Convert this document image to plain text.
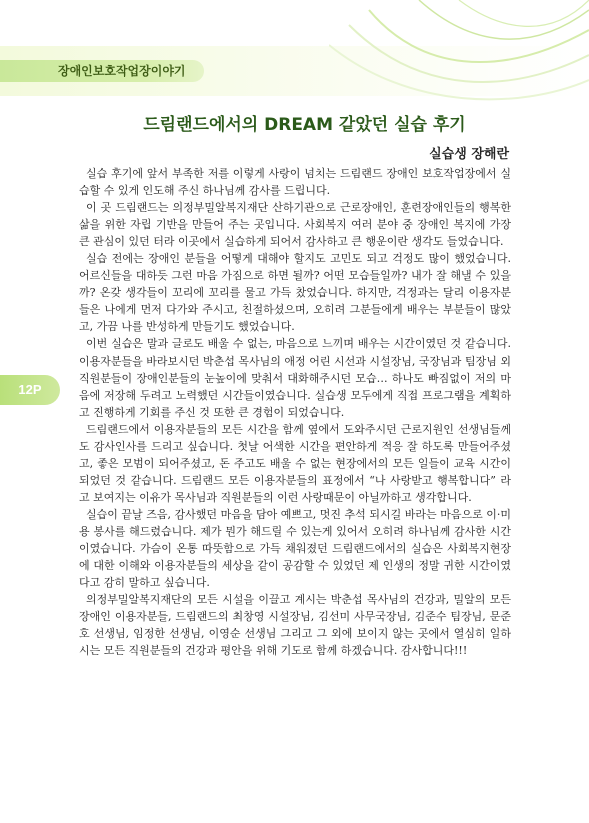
장애인보호작업장이야기
12P
드림랜드에서의 DREAM 같았던 실습 후기
실습생 장해란

실습 후기에 앞서 부족한 저를 이렇게 사랑이 넘치는 드림랜드 장애인 보호작업장에서 실습할 수 있게 인도해 주신 하나님께 감사를 드립니다.

이 곳 드림랜드는 의정부밀알복지재단 산하기관으로 근로장애인, 훈련장애인들의 행복한 삶을 위한 자립 기반을 만들어 주는 곳입니다. 사회복지 여러 분야 중 장애인 복지에 가장 큰 관심이 있던 터라 이곳에서 실습하게 되어서 감사하고 큰 행운이란 생각도 들었습니다.

실습 전에는 장애인 분들을 어떻게 대해야 할지도 고민도 되고 걱정도 많이 했었습니다. 어르신들을 대하듯 그런 마음 가짐으로 하면 될까? 어떤 모습들일까? 내가 잘 해낼 수 있을까? 온갖 생각들이 꼬리에 꼬리를 물고 가득 찼었습니다. 하지만, 걱정과는 달리 이용자분들은 나에게 먼저 다가와 주시고, 친절하셨으며, 오히려 그분들에게 배우는 부분들이 많았고, 가끔 나를 반성하게 만들기도 했었습니다.

이번 실습은 말과 글로도 배울 수 없는, 마음으로 느끼며 배우는 시간이였던 것 같습니다. 이용자분들을 바라보시던 박춘섭 목사님의 애정 어린 시선과 시설장님, 국장님과 팀장님 외 직원분들이 장애인분들의 눈높이에 맞춰서 대화해주시던 모습… 하나도 빠짐없이 저의 마음에 저장해 두려고 노력했던 시간들이였습니다. 실습생 모두에게 직접 프로그램을 계획하고 진행하게 기회를 주신 것 또한 큰 경험이 되었습니다.

드림랜드에서 이용자분들의 모든 시간을 함께 옆에서 도와주시던 근로지원인 선생님들께도 감사인사를 드리고 싶습니다. 첫날 어색한 시간을 편안하게 적응 잘 하도록 만들어주셨고, 좋은 모범이 되어주셨고, 돈 주고도 배울 수 없는 현장에서의 모든 일들이 교육 시간이 되었던 것 같습니다. 드림랜드 모든 이용자분들의 표정에서 “나 사랑받고 행복합니다” 라고 보여지는 이유가 목사님과 직원분들의 이런 사랑때문이 아닐까하고 생각합니다.

실습이 끝날 즈음, 감사했던 마음을 담아 예쁘고, 멋진 추석 되시길 바라는 마음으로 이·미용 봉사를 해드렸습니다. 제가 뭔가 해드릴 수 있는게 있어서 오히려 하나님께 감사한 시간이였습니다. 가슴이 온통 따뜻함으로 가득 채워졌던 드림랜드에서의 실습은 사회복지현장에 대한 이해와 이용자분들의 세상을 같이 공감할 수 있었던 제 인생의 정말 귀한 시간이였다고 감히 말하고 싶습니다.

의정부밀알복지재단의 모든 시설을 이끌고 계시는 박춘섭 목사님의 건강과, 밀알의 모든 장애인 이용자분들, 드림랜드의 최창영 시설장님, 김선미 사무국장님, 김준수 팀장님, 문준호 선생님, 임정한 선생님, 이영순 선생님 그리고 그 외에 보이지 않는 곳에서 열심히 일하시는 모든 직원분들의 건강과 평안을 위해 기도로 함께 하겠습니다. 감사합니다!!!
